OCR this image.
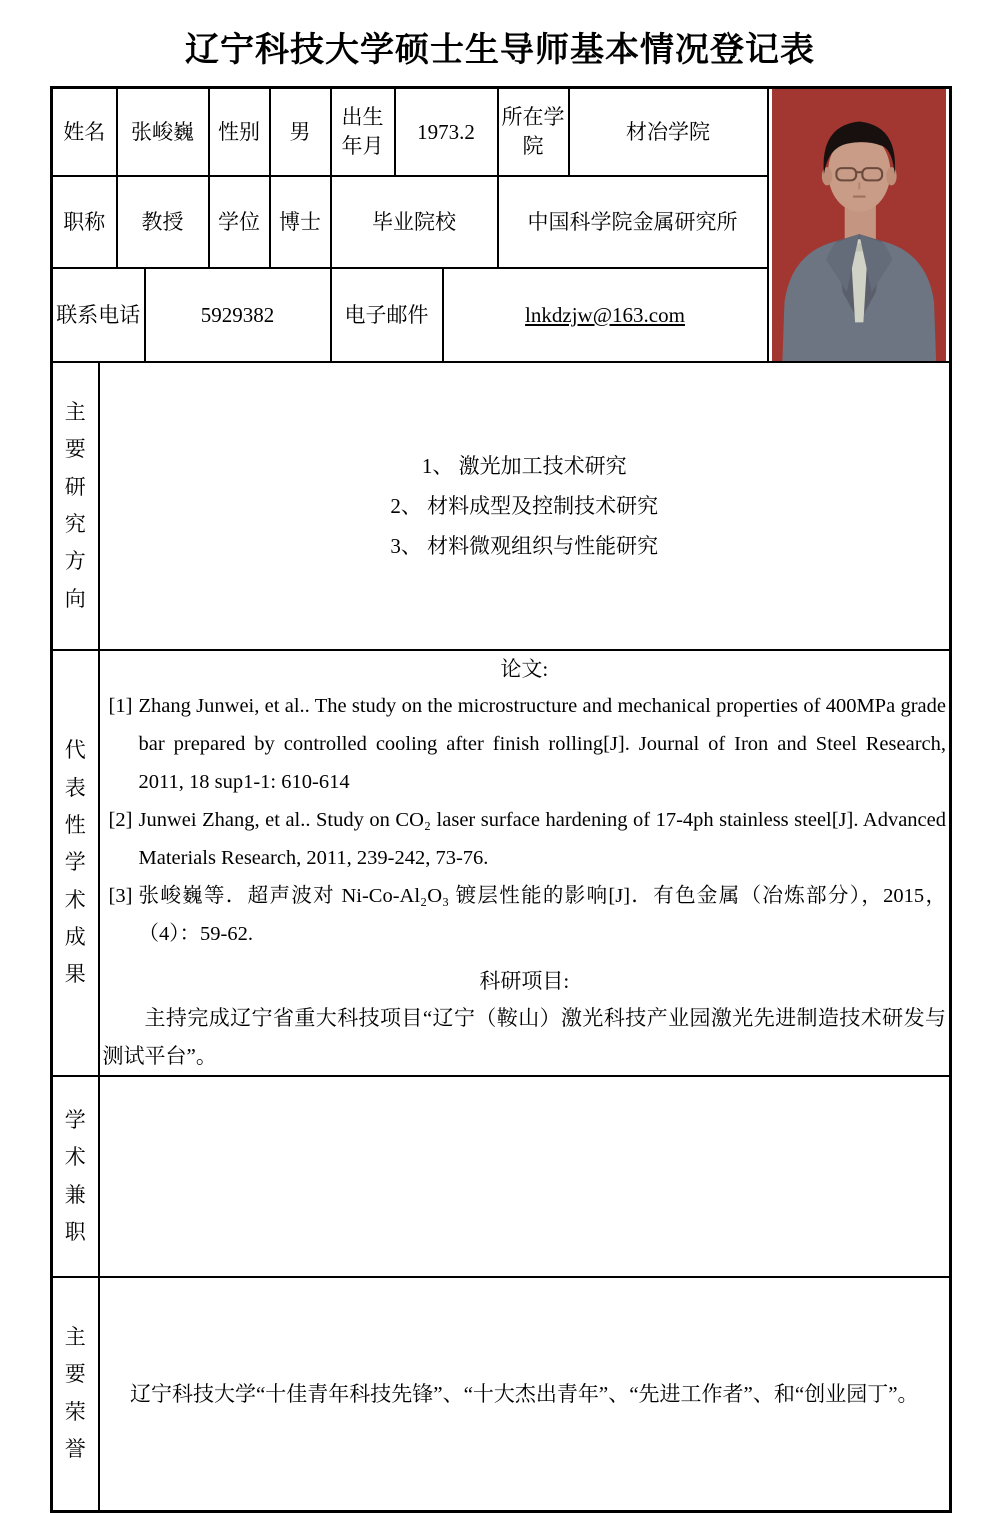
辽宁科技大学硕士生导师基本情况登记表
姓名		张峻巍		性别	男	出生年月	1973.2		所在学院	材冶学院	

职称		教授		学位	博士	毕业院校			中国科学院金属研究所		
联系电话			5929382			电子邮件		lnkdzjw@163.com			

主要研究方向	1、 激光加工技术研究
2、 材料成型及控制技术研究
3、 材料微观组织与性能研究										

代表性学术成果

论文:
[1] Zhang Junwei, et al.. The study on the microstructure and mechanical properties of 400MPa grade bar prepared by controlled cooling after finish rolling[J]. Journal of Iron and Steel Research, 2011, 18 sup1-1: 610-614
[2] Junwei Zhang, et al.. Study on CO₂ laser surface hardening of 17-4ph stainless steel[J]. Advanced Materials Research, 2011, 239-242, 73-76.
[3] 张峻巍等．超声波对 Ni-Co-Al₂O₃ 镀层性能的影响[J]．有色金属（冶炼部分），2015，（4）：59-62.
科研项目:
主持完成辽宁省重大科技项目“辽宁（鞍山）激光科技产业园激光先进制造技术研发与测试平台”。

学术兼职											

主要荣誉	辽宁科技大学“十佳青年科技先锋”、“十大杰出青年”、“先进工作者”、和“创业园丁”。										
